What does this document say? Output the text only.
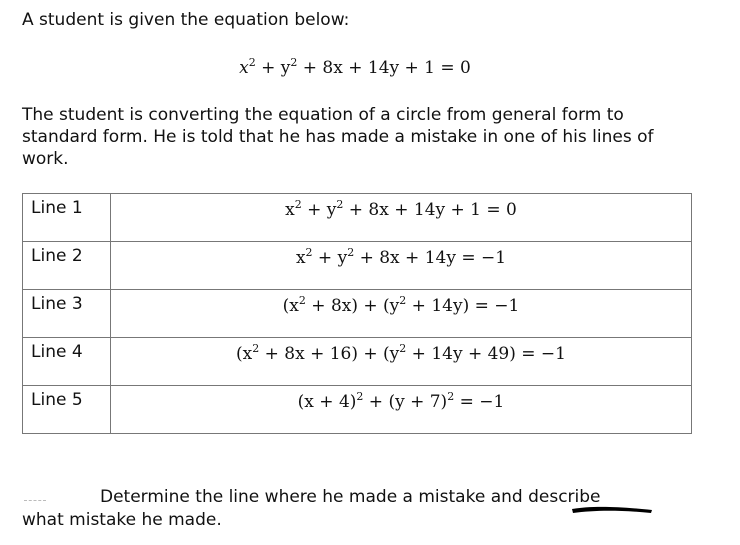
A student is given the equation below:

$x^2 + y^2 + 8x + 14y + 1 = 0$

The student is converting the equation of a circle from general form to standard form. He is told that he has made a mistake in one of his lines of work.

Line 1	$x^2 + y^2 + 8x + 14y + 1 = 0$
Line 2	$x^2 + y^2 + 8x + 14y = -1$
Line 3	$(x^2 + 8x) + (y^2 + 14y) = -1$
Line 4	$(x^2 + 8x + 16) + (y^2 + 14y + 49) = -1$
Line 5	$(x + 4)^2 + (y + 7)^2 = -1$

Determine the line where he made a mistake and describe
what mistake he made.
